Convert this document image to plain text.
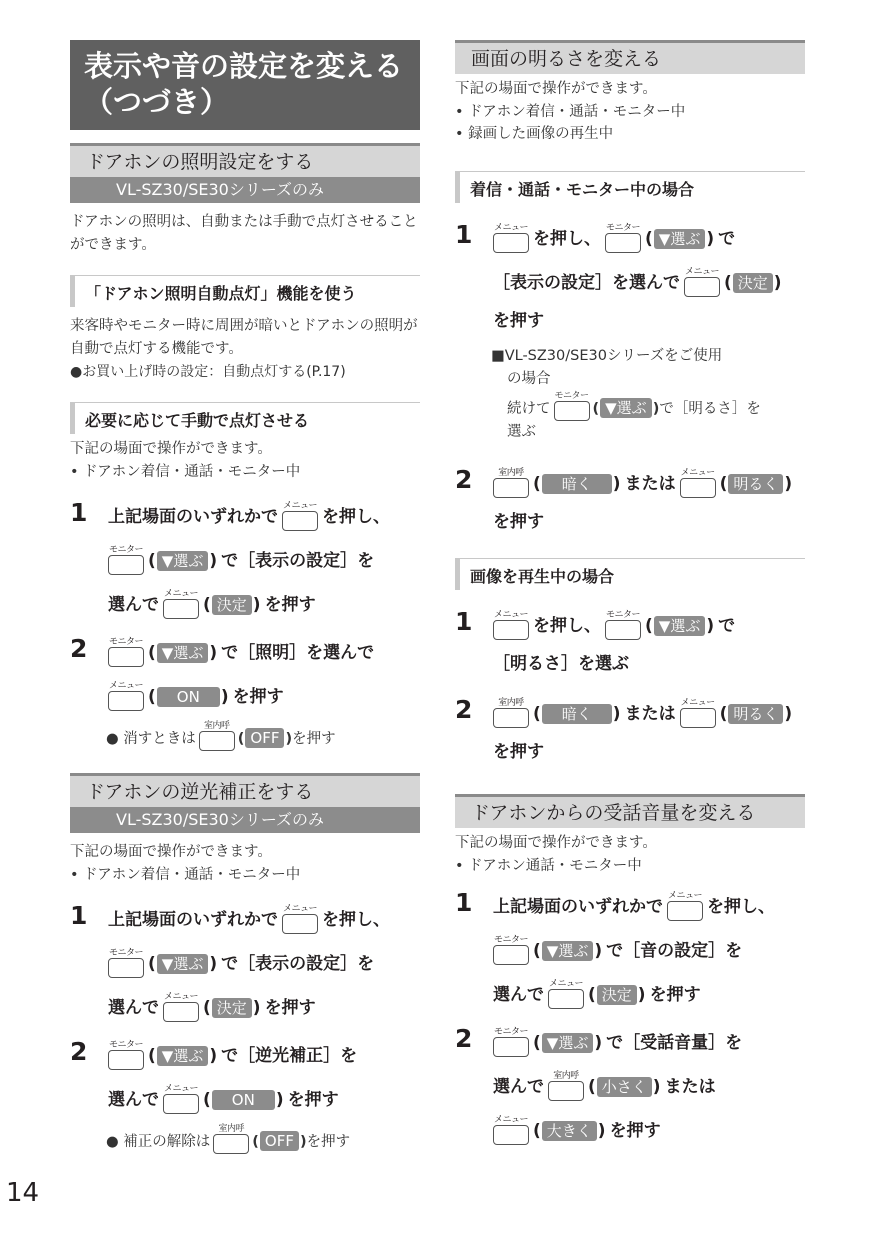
表示や音の設定を変える（つづき）
ドアホンの照明設定をする
VL-SZ30/SE30シリーズのみ
ドアホンの照明は、自動または手動で点灯させることができます。
「ドアホン照明自動点灯」機能を使う
来客時やモニター時に周囲が暗いとドアホンの照明が自動で点灯する機能です。
●お買い上げ時の設定：自動点灯する(P.17)
必要に応じて手動で点灯させる
下記の場面で操作ができます。
• ドアホン着信・通話・モニター中
1 上記場面のいずれかで
メニュー
を押し、
モニター
( ▼選ぶ ) で［表示の設定］を
選んで
メニュー
( 決定 ) を押す
2 モニター
( ▼選ぶ ) で［照明］を選んで
メニュー
( ON ) を押す
● 消すときは
室内呼
( OFF ) を押す
ドアホンの逆光補正をする
VL-SZ30/SE30シリーズのみ
下記の場面で操作ができます。
• ドアホン着信・通話・モニター中
1 上記場面のいずれかで
メニュー
を押し、
モニター
( ▼選ぶ ) で［表示の設定］を
選んで
メニュー
( 決定 ) を押す
2 モニター
( ▼選ぶ ) で［逆光補正］を
選んで
メニュー
( ON ) を押す
● 補正の解除は
室内呼
( OFF ) を押す
画面の明るさを変える
下記の場面で操作ができます。
• ドアホン着信・通話・モニター中
• 録画した画像の再生中
着信・通話・モニター中の場合
1 メニュー
を押し、
モニター
( ▼選ぶ ) で
［表示の設定］を選んで
メニュー
( 決定 )
を押す
■VL-SZ30/SE30シリーズをご使用
の場合
続けて
モニター
( ▼選ぶ ) で［明るさ］を
選ぶ
2	室内呼
( 暗く ) または
メニュー
( 明るく )
を押す
画像を再生中の場合
1 メニュー
を押し、
モニター
( ▼選ぶ ) で
［明るさ］を選ぶ
2	室内呼
( 暗く ) または
メニュー
( 明るく )
を押す
ドアホンからの受話音量を変える
下記の場面で操作ができます。
• ドアホン通話・モニター中
1 上記場面のいずれかで
メニュー
を押し、
モニター
( ▼選ぶ ) で［音の設定］を
選んで
メニュー
( 決定 ) を押す
2 モニター
( ▼選ぶ ) で［受話音量］を
選んで
室内呼
( 小さく ) または
メニュー
( 大きく ) を押す
14
